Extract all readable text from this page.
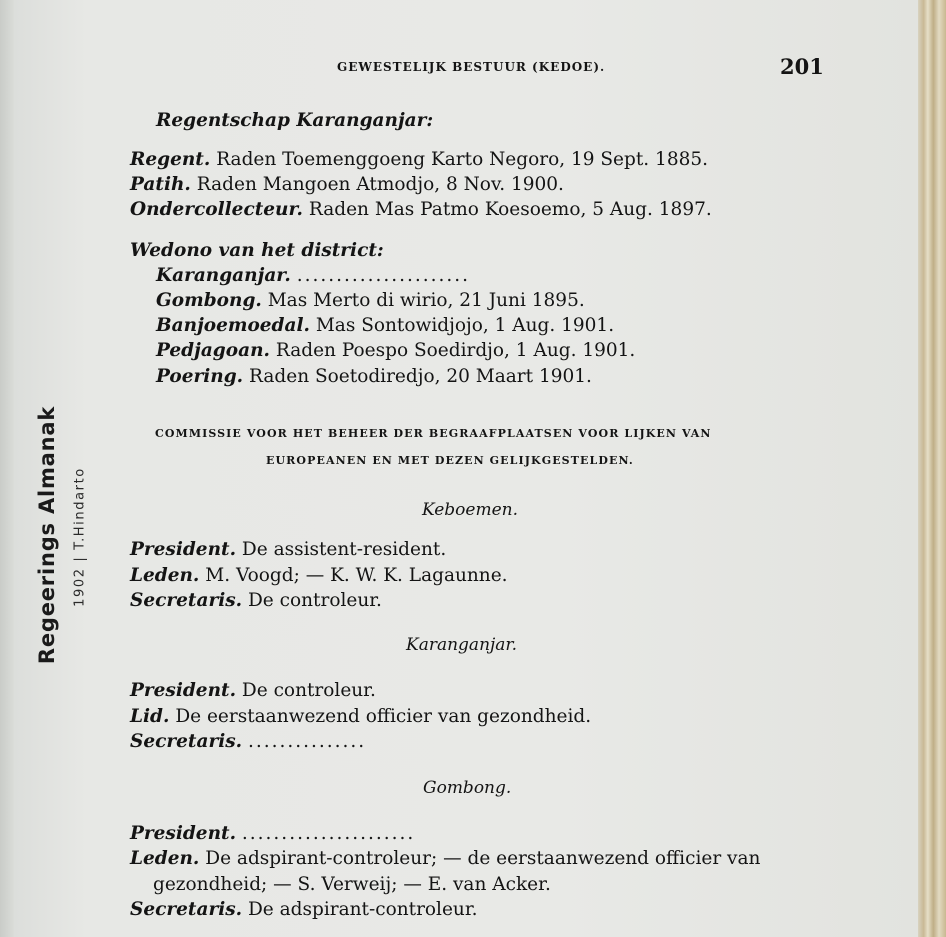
Regeerings Almanak 1902 | T.Hindarto
GEWESTELIJK BESTUUR (KEDOE).	201
Regentschap Karanganjar:
Regent. Raden Toemenggoeng Karto Negoro, 19 Sept. 1885.
Patih. Raden Mangoen Atmodjo, 8 Nov. 1900.
Ondercollecteur. Raden Mas Patmo Koesoemo, 5 Aug. 1897.
Wedono van het district:
Karanganjar. ......................
Gombong. Mas Merto di wirio, 21 Juni 1895.
Banjoemoedal. Mas Sontowidjojo, 1 Aug. 1901.
Pedjagoan. Raden Poespo Soedirdjo, 1 Aug. 1901.
Poering. Raden Soetodiredjo, 20 Maart 1901.
COMMISSIE VOOR HET BEHEER DER BEGRAAFPLAATSEN VOOR LIJKEN VAN
EUROPEANEN EN MET DEZEN GELIJKGESTELDEN.
Keboemen.
President. De assistent-resident.
Leden. M. Voogd; — K. W. K. Lagaunne.
Secretaris. De controleur.
Karanganjar.
President. De controleur.
Lid. De eerstaanwezend officier van gezondheid.
Secretaris. ...............
Gombong.
President. ......................
Leden. De adspirant-controleur; — de eerstaanwezend officier van
gezondheid; — S. Verweij; — E. van Acker.
Secretaris. De adspirant-controleur.
